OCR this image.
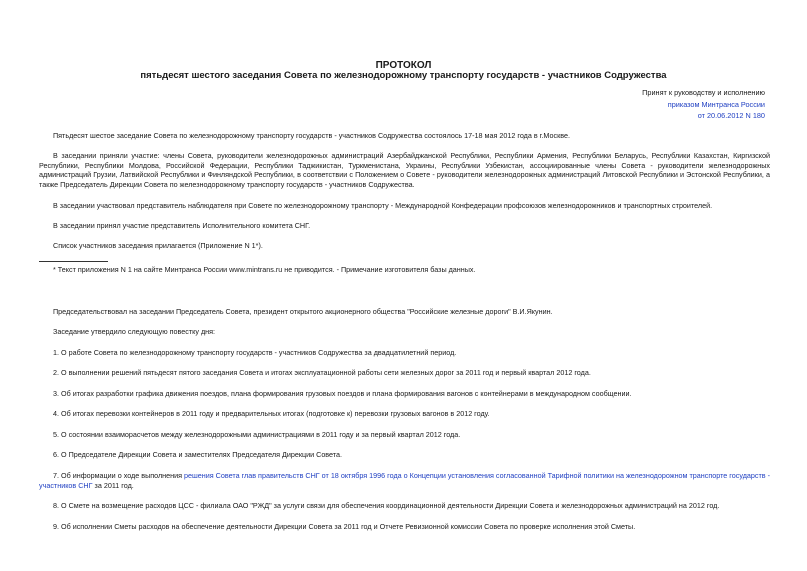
ПРОТОКОЛ
пятьдесят шестого заседания Совета по железнодорожному транспорту государств - участников Содружества
Принят к руководству и исполнению
приказом Минтранса России
от 20.06.2012 N 180
Пятьдесят шестое заседание Совета по железнодорожному транспорту государств - участников Содружества состоялось 17-18 мая 2012 года в г.Москве.
В заседании приняли участие: члены Совета, руководители железнодорожных администраций Азербайджанской Республики, Республики Армения, Республики Беларусь, Республики Казахстан, Киргизской Республики, Республики Молдова, Российской Федерации, Республики Таджикистан, Туркменистана, Украины, Республики Узбекистан, ассоциированные члены Совета - руководители железнодорожных администраций Грузии, Латвийской Республики и Финляндской Республики, в соответствии с Положением о Совете - руководители железнодорожных администраций Литовской Республики и Эстонской Республики, а также Председатель Дирекции Совета по железнодорожному транспорту государств - участников Содружества.
В заседании участвовал представитель наблюдателя при Совете по железнодорожному транспорту - Международной Конфедерации профсоюзов железнодорожников и транспортных строителей.
В заседании принял участие представитель Исполнительного комитета СНГ.
Список участников заседания прилагается (Приложение N 1*).
* Текст приложения N 1 на сайте Минтранса России www.mintrans.ru не приводится. - Примечание изготовителя базы данных.
Председательствовал на заседании Председатель Совета, президент открытого акционерного общества "Российские железные дороги" В.И.Якунин.
Заседание утвердило следующую повестку дня:
1. О работе Совета по железнодорожному транспорту государств - участников Содружества за двадцатилетний период.
2. О выполнении решений пятьдесят пятого заседания Совета и итогах эксплуатационной работы сети железных дорог за 2011 год и первый квартал 2012 года.
3. Об итогах разработки графика движения поездов, плана формирования грузовых поездов и плана формирования вагонов с контейнерами в международном сообщении.
4. Об итогах перевозки контейнеров в 2011 году и предварительных итогах (подготовке к) перевозки грузовых вагонов в 2012 году.
5. О состоянии взаиморасчетов между железнодорожными администрациями в 2011 году и за первый квартал 2012 года.
6. О Председателе Дирекции Совета и заместителях Председателя Дирекции Совета.
7. Об информации о ходе выполнения решения Совета глав правительств СНГ от 18 октября 1996 года о Концепции установления согласованной Тарифной политики на железнодорожном транспорте государств - участников СНГ за 2011 год.
8. О Смете на возмещение расходов ЦСС - филиала ОАО "РЖД" за услуги связи для обеспечения координационной деятельности Дирекции Совета и железнодорожных администраций на 2012 год.
9. Об исполнении Сметы расходов на обеспечение деятельности Дирекции Совета за 2011 год и Отчете Ревизионной комиссии Совета по проверке исполнения этой Сметы.
